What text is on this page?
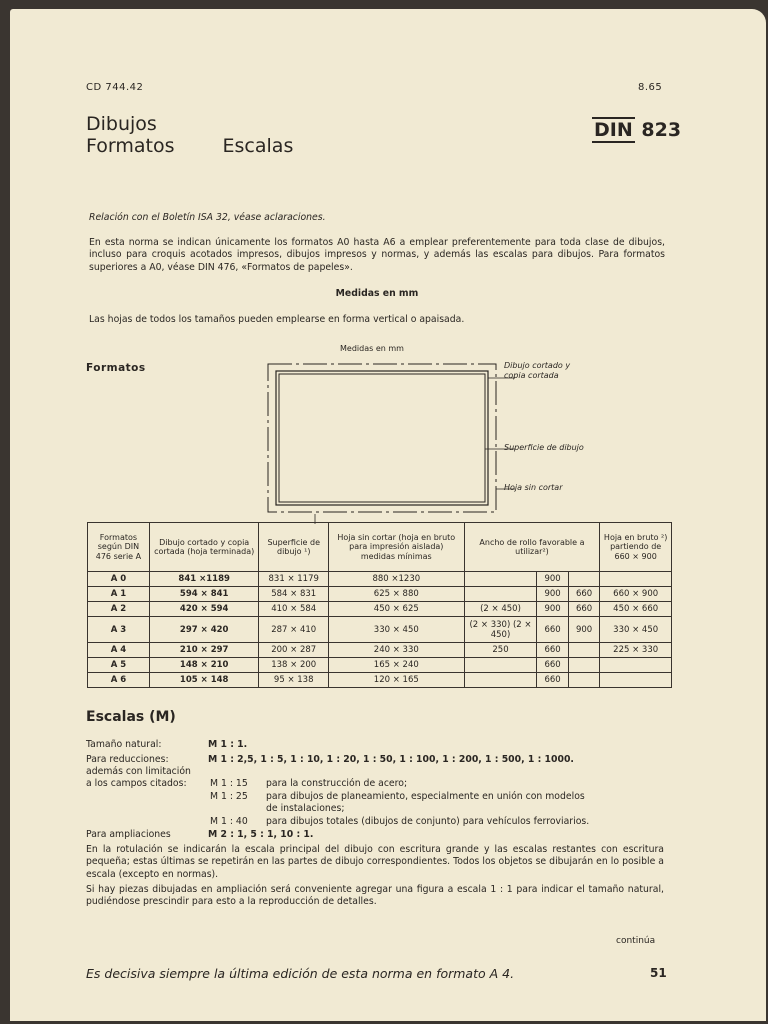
CD 744.42	8.65
Dibujos
Formatos	Escalas
DIN 823
Relación con el Boletín ISA 32, véase aclaraciones.
En esta norma se indican únicamente los formatos A0 hasta A6 a emplear preferentemente para toda clase de dibujos, incluso para croquis acotados impresos, dibujos impresos y normas, y además las escalas para dibujos. Para formatos superiores a A0, véase DIN 476, «Formatos de papeles».
Medidas en mm
Las hojas de todos los tamaños pueden emplearse en forma vertical o apaisada.
Medidas en mm
Formatos	Dibujo cortado y copia cortada
Superficie de dibujo
Hoja sin cortar
Formatos según DIN 476 serie A	Dibujo cortado y copia cortada (hoja terminada)	Superficie de dibujo ¹)	Hoja sin cortar (hoja en bruto para impresión aislada) medidas mínimas	Ancho de rollo favorable a utilizar²)			Hoja en bruto ²) partiendo de 660 × 900
A 0	841 ×1189	831 × 1179	880 ×1230		900		
A 1	594 × 841	584 × 831	625 × 880		900	660	660 × 900
A 2	420 × 594	410 × 584	450 × 625	(2 × 450)	900	660	450 × 660
A 3	297 × 420	287 × 410	330 × 450	(2 × 330) (2 × 450)	660	900	330 × 450
A 4	210 × 297	200 × 287	240 × 330	250	660		225 × 330
A 5	148 × 210	138 × 200	165 × 240		660		
A 6	105 × 148	95 × 138	120 × 165		660		
Escalas (M)
Tamaño natural:	M 1 : 1.
Para reducciones:	M 1 : 2,5, 1 : 5, 1 : 10, 1 : 20, 1 : 50, 1 : 100, 1 : 200, 1 : 500, 1 : 1000.
además con limitación
a los campos citados:	M 1 : 15 para la construcción de acero;
M 1 : 25 para dibujos de planeamiento, especialmente en unión con modelos
de instalaciones;
M 1 : 40 para dibujos totales (dibujos de conjunto) para vehículos ferroviarios.
Para ampliaciones	M 2 : 1, 5 : 1, 10 : 1.
En la rotulación se indicarán la escala principal del dibujo con escritura grande y las escalas restantes con escritura pequeña; estas últimas se repetirán en las partes de dibujo correspondientes. Todos los objetos se dibujarán en lo posible a escala (excepto en normas).
Si hay piezas dibujadas en ampliación será conveniente agregar una figura a escala 1 : 1 para indicar el tamaño natural, pudiéndose prescindir para esto a la reproducción de detalles.
continúa
Es decisiva siempre la última edición de esta norma en formato A 4.	51
